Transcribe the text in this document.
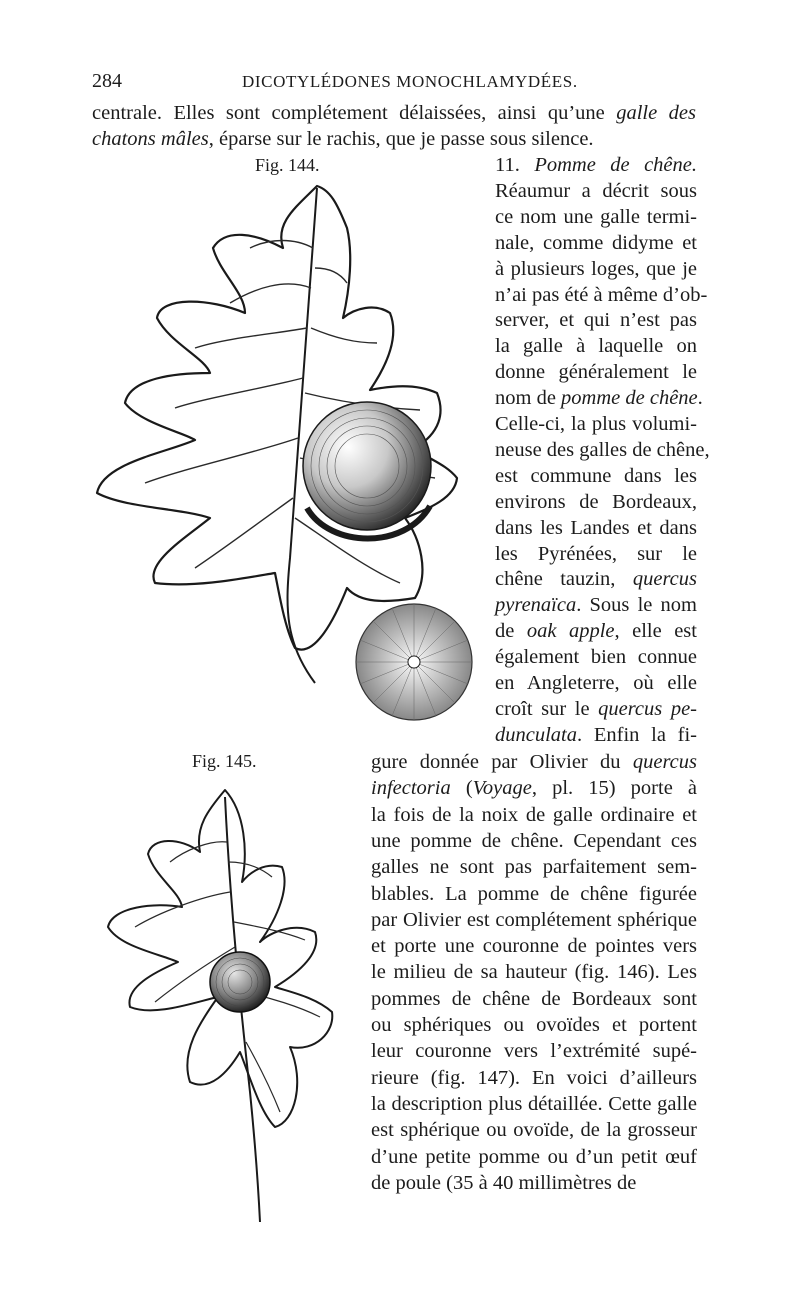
284	DICOTYLÉDONES MONOCHLAMYDÉES.
centrale. Elles sont complétement délaissées, ainsi qu’une galle des
chatons mâles, éparse sur le rachis, que je passe sous silence.
Fig. 144.
Fig. 145.
11. Pomme de chêne.
Réaumur a décrit sous
ce nom une galle termi-
nale, comme didyme et
à plusieurs loges, que je
n’ai pas été à même d’ob-
server, et qui n’est pas
la galle à laquelle on
donne généralement le
nom de pomme de chêne.
Celle-ci, la plus volumi-
neuse des galles de chêne,
est commune dans les
environs de Bordeaux,
dans les Landes et dans
les Pyrénées, sur le
chêne tauzin, quercus
pyrenaïca. Sous le nom
de oak apple, elle est
également bien connue
en Angleterre, où elle
croît sur le quercus pe-
dunculata. Enfin la fi-
gure donnée par Olivier du quercus
infectoria (Voyage, pl. 15) porte à
la fois de la noix de galle ordinaire et
une pomme de chêne. Cependant ces
galles ne sont pas parfaitement sem-
blables. La pomme de chêne figurée
par Olivier est complétement sphérique
et porte une couronne de pointes vers
le milieu de sa hauteur (fig. 146). Les
pommes de chêne de Bordeaux sont
ou sphériques ou ovoïdes et portent
leur couronne vers l’extrémité supé-
rieure (fig. 147). En voici d’ailleurs
la description plus détaillée. Cette galle
est sphérique ou ovoïde, de la grosseur
d’une petite pomme ou d’un petit œuf
de poule (35 à 40 millimètres de
